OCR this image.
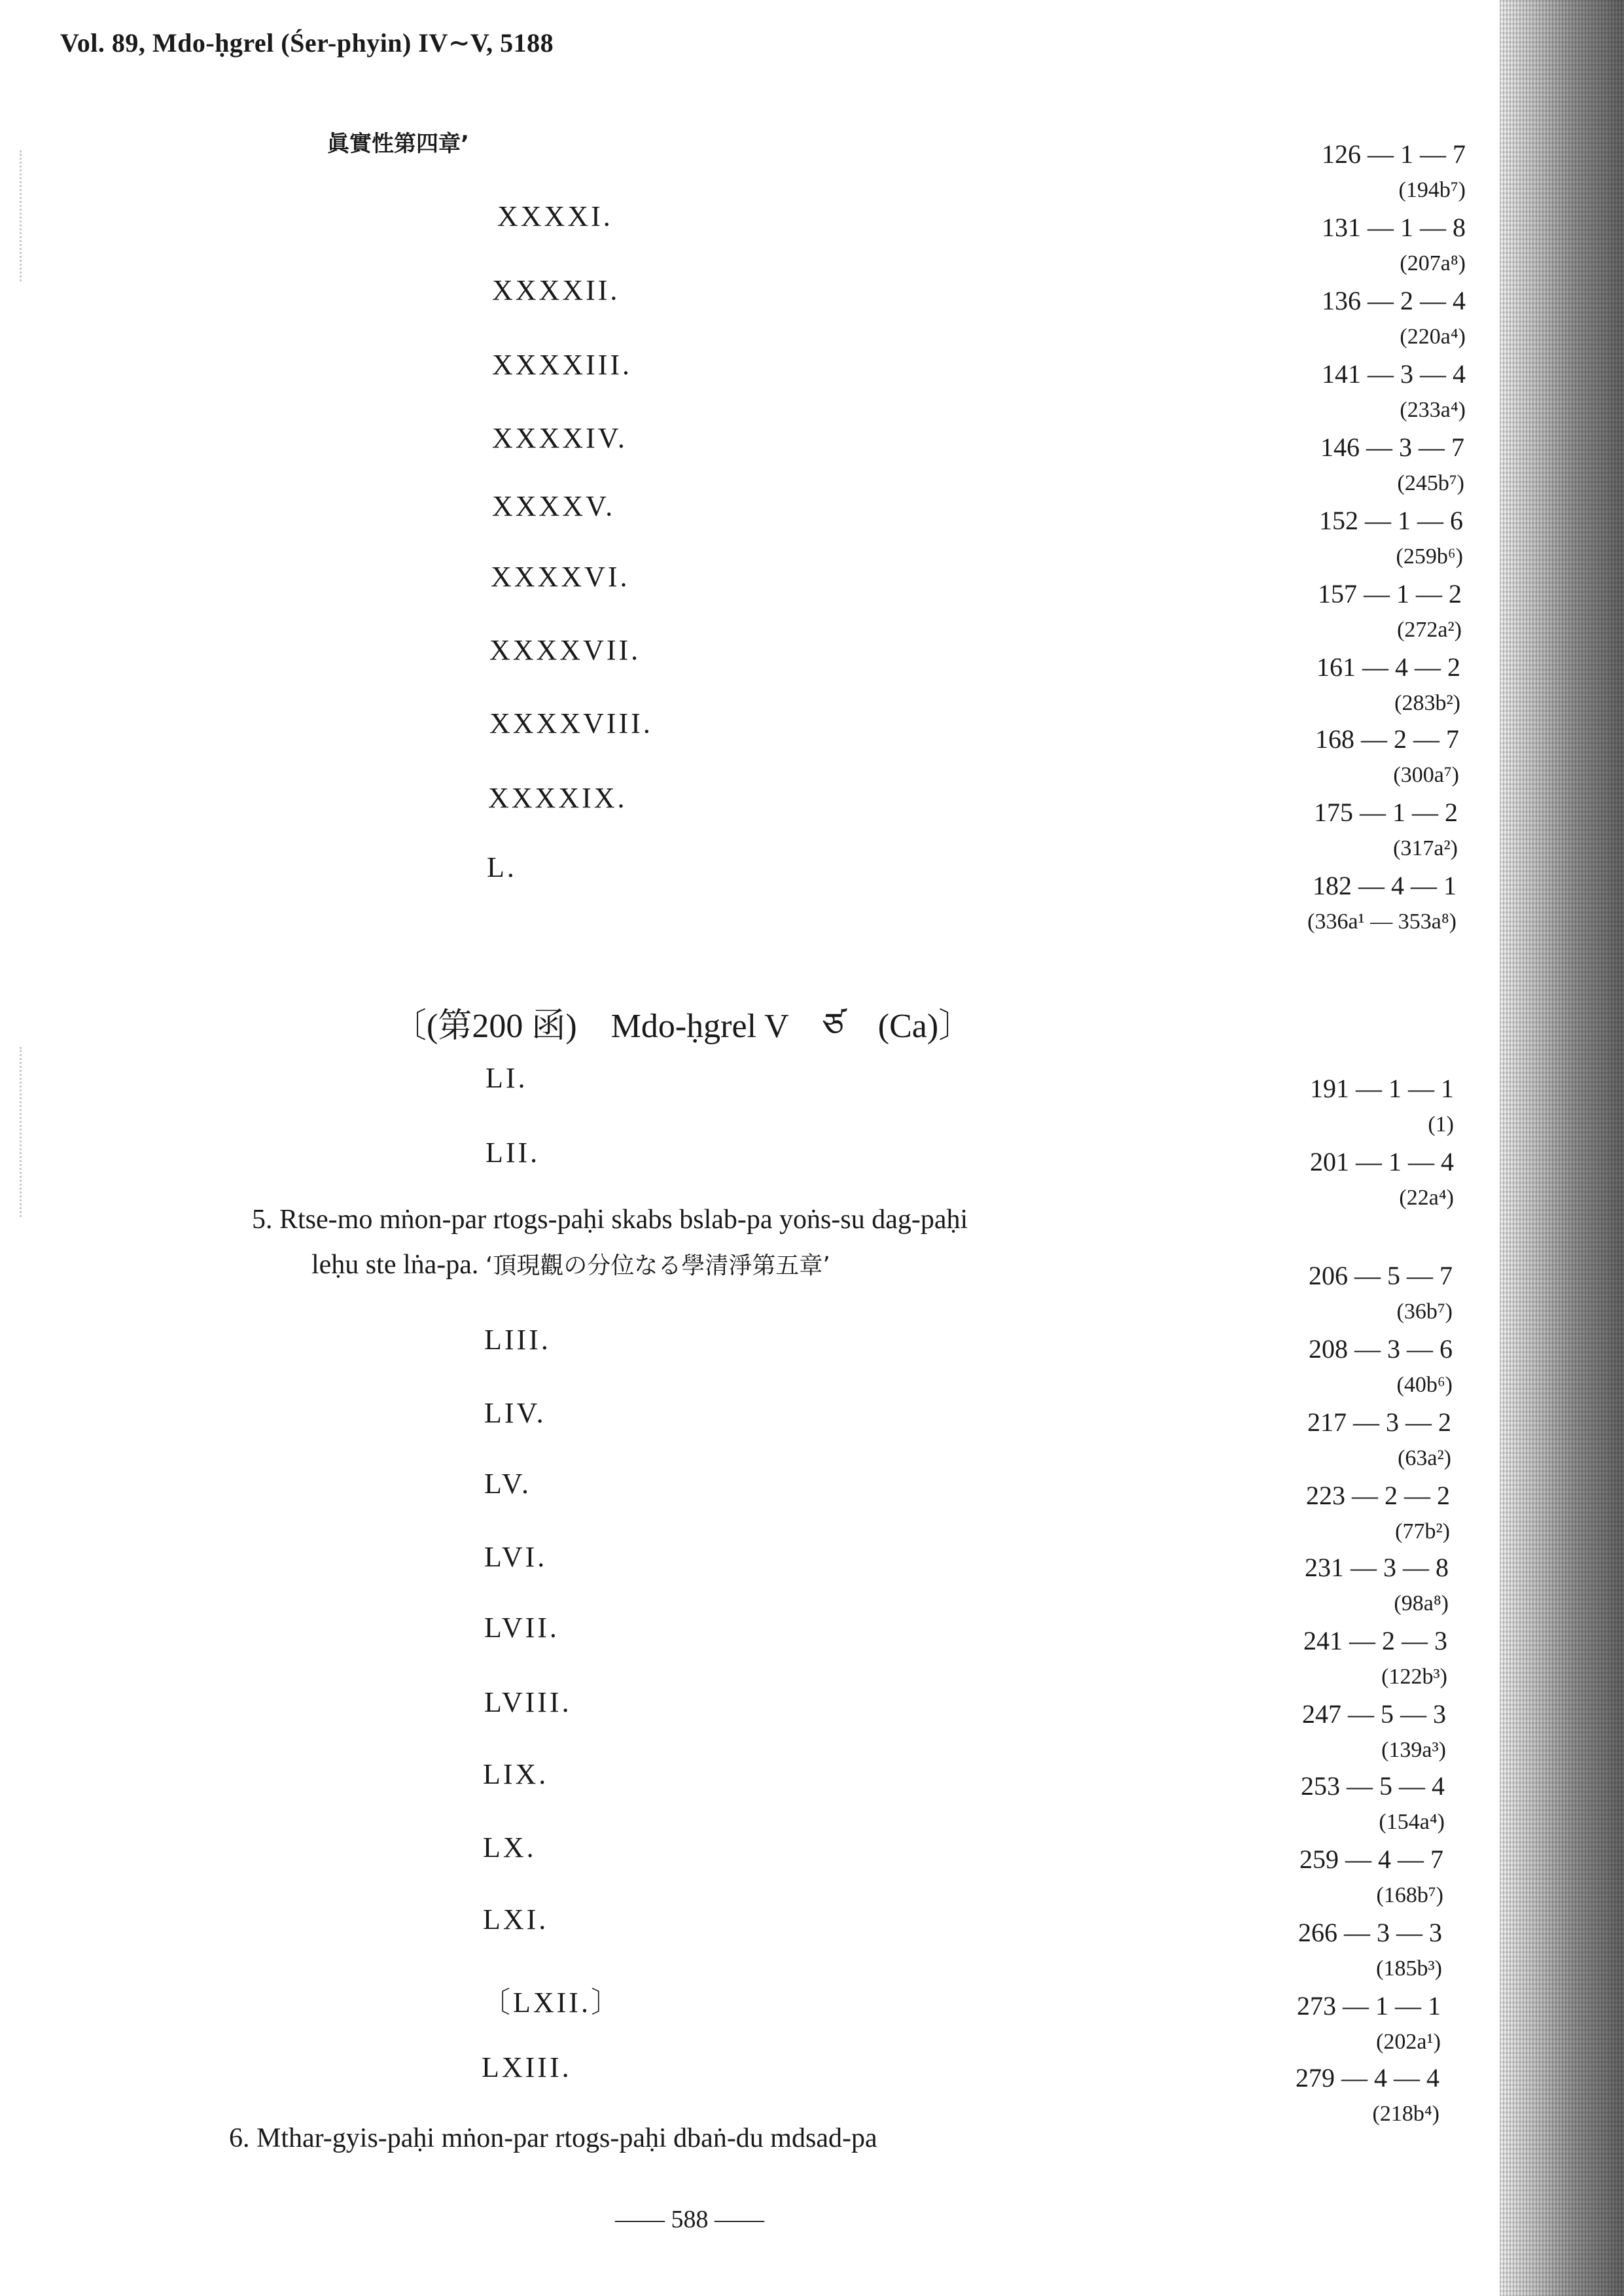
Vol. 89, Mdo-ḥgrel (Śer-phyin) IV∼V, 5188
眞實性第四章’
XXXXI.
XXXXII.
XXXXIII.
XXXXIV.
XXXXV.
XXXXVI.
XXXXVII.
XXXXVIII.
XXXXIX.
L.
126 — 1 — 7
(194b⁷)
131 — 1 — 8
(207a⁸)
136 — 2 — 4
(220a⁴)
141 — 3 — 4
(233a⁴)
146 — 3 — 7
(245b⁷)
152 — 1 — 6
(259b⁶)
157 — 1 — 2
(272a²)
161 — 4 — 2
(283b²)
168 — 2 — 7
(300a⁷)
175 — 1 — 2
(317a²)
182 — 4 — 1
(336a¹ — 353a⁸)
〔(第200 函)　Mdo-ḥgrel V　ཙ　(Ca)〕
LI.
LII.
191 — 1 — 1
(1)
201 — 1 — 4
(22a⁴)
5. Rtse-mo mṅon-par rtogs-paḥi skabs bslab-pa yoṅs-su dag-paḥi
leḥu ste lṅa-pa. ‘頂現觀の分位なる學清淨第五章’
LIII.
LIV.
LV.
LVI.
LVII.
LVIII.
LIX.
LX.
LXI.
〔LXII.〕
LXIII.
206 — 5 — 7
(36b⁷)
208 — 3 — 6
(40b⁶)
217 — 3 — 2
(63a²)
223 — 2 — 2
(77b²)
231 — 3 — 8
(98a⁸)
241 — 2 — 3
(122b³)
247 — 5 — 3
(139a³)
253 — 5 — 4
(154a⁴)
259 — 4 — 7
(168b⁷)
266 — 3 — 3
(185b³)
273 — 1 — 1
(202a¹)
279 — 4 — 4
(218b⁴)
6. Mthar-gyis-paḥi mṅon-par rtogs-paḥi dbaṅ-du mdsad-pa
—— 588 ——
